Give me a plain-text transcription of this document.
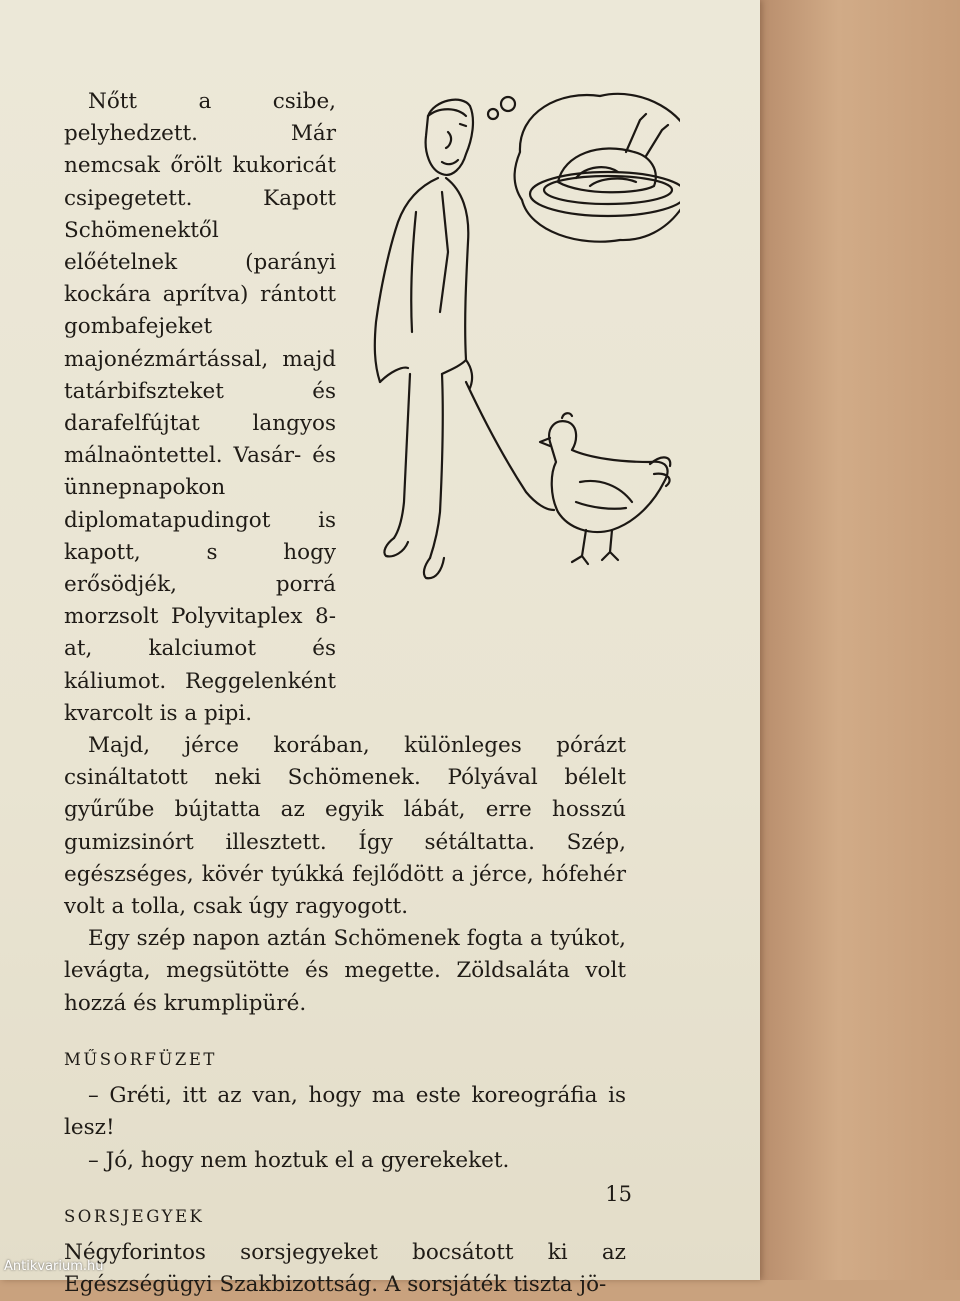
Nőtt a csibe, pelyhedzett. Már nemcsak őrölt kukoricát csipegetett. Kapott Schömenektől előételnek (parányi kockára aprítva) rántott gombafejeket majonézmártással, majd tatárbifszteket és darafelfújtat langyos málnaöntettel. Vasár- és ünnepnapokon diplomatapudingot is kapott, s hogy erősödjék, porrá morzsolt Polyvitaplex 8-at, kalciumot és káliumot. Reggelenként kvarcolt is a pipi.

Majd, jérce korában, különleges pórázt csináltatott neki Schömenek. Pólyával bélelt gyűrűbe bújtatta az egyik lábát, erre hosszú gumizsinórt illesztett. Így sétáltatta. Szép, egészséges, kövér tyúkká fejlődött a jérce, hófehér volt a tolla, csak úgy ragyogott.

Egy szép napon aztán Schömenek fogta a tyúkot, levágta, megsütötte és megette. Zöldsaláta volt hozzá és krumplipüré.

MŰSORFÜZET

– Gréti, itt az van, hogy ma este koreográfia is lesz!

– Jó, hogy nem hoztuk el a gyerekeket.

SORSJEGYEK

Négyforintos sorsjegyeket bocsátott ki az Egészségügyi Szakbizottság. A sorsjáték tiszta jö-

15
Antikvarium.hu
